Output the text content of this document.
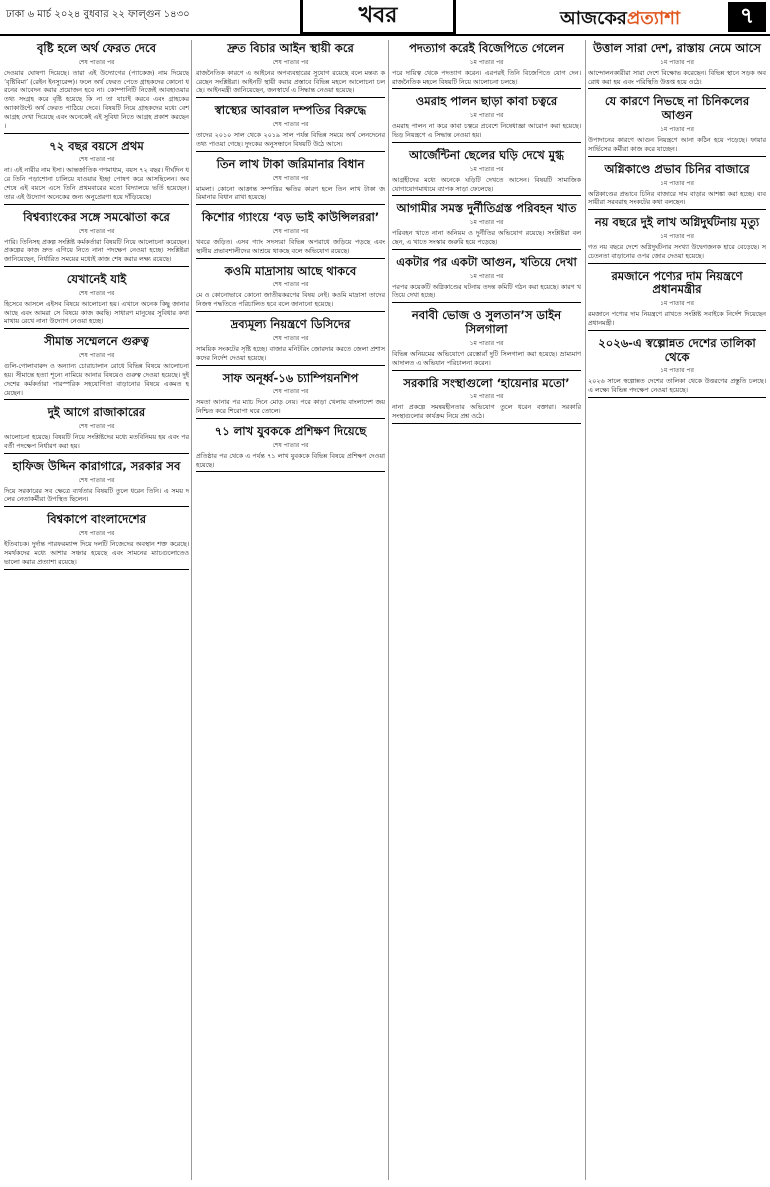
ঢাকা ৬ মার্চ ২০২৪ বুধবার ২২ ফাল্গুন ১৪৩০	খবর	আজকেরপ্রত্যাশা	৭
বৃষ্টি হলে অর্থ ফেরত দেবে
শেষ পাতার পর

দেওয়ার ঘোষণা দিয়েছে। তারা এই উদ্যোগের (প্যাকেজ) নাম দিয়েছে ‘বৃষ্টিবিমা’ (রেইন ইনস্যুরেন্স)। ফলে অর্থ ফেরত পেতে গ্রাহকদের কোনো ধরনের আবেদন করার প্রয়োজন হবে না। কোম্পানিটি নিজেই আবহাওয়ার তথ্য সংগ্রহ করে বৃষ্টি হয়েছে কি না তা যাচাই করবে এবং গ্রাহকের অ্যাকাউন্টে অর্থ ফেরত পাঠিয়ে দেবে। বিষয়টি নিয়ে গ্রাহকদের মধ্যে বেশ আগ্রহ দেখা দিয়েছে এবং অনেকেই এই সুবিধা নিতে আগ্রহ প্রকাশ করছেন।

৭২ বছর বয়সে প্রথম
শেষ পাতার পর

না। এই নারীর নাম ইসা। আন্তর্জাতিক গণমাধ্যম, বয়স ৭২ বছর। দীর্ঘদিন ধরে তিনি পড়াশোনা চালিয়ে যাওয়ার ইচ্ছা পোষণ করে আসছিলেন। অবশেষে এই বয়সে এসে তিনি প্রথমবারের মতো বিদ্যালয়ে ভর্তি হয়েছেন। তার এই উদ্যোগ অনেকের জন্য অনুপ্রেরণা হয়ে দাঁড়িয়েছে।

বিশ্বব্যাংকের সঙ্গে সমঝোতা করে
শেষ পাতার পর

পারি। তিনিসহ প্রকল্প সংশ্লিষ্ট কর্মকর্তারা বিষয়টি নিয়ে আলোচনা করেছেন। প্রকল্পের কাজ দ্রুত এগিয়ে নিতে নানা পদক্ষেপ নেওয়া হচ্ছে। সংশ্লিষ্টরা জানিয়েছেন, নির্ধারিত সময়ের মধ্যেই কাজ শেষ করার লক্ষ্য রয়েছে।

যেখানেই যাই
শেষ পাতার পর

হিসেবে আসলে এইসব বিষয়ে আলোচনা হয়। এখানে অনেক কিছু জানার আছে এবং আমরা সে বিষয়ে কাজ করছি। সাধারণ মানুষের সুবিধার কথা মাথায় রেখে নানা উদ্যোগ নেওয়া হচ্ছে।

সীমান্ত সম্মেলনে গুরুত্ব
শেষ পাতার পর

গুলি-গোলাবারুদ ও অন্যান্য চোরাচালান রোধে বিভিন্ন বিষয়ে আলোচনা হয়। সীমান্তে হত্যা শূন্যে নামিয়ে আনার বিষয়েও গুরুত্ব দেওয়া হয়েছে। দুই দেশের কর্মকর্তারা পারস্পরিক সহযোগিতা বাড়ানোর বিষয়ে একমত হয়েছেন।

দুই আগে রাজাকারের
শেষ পাতার পর

আলোচনা হয়েছে। বিষয়টি নিয়ে সংশ্লিষ্টদের মধ্যে মতবিনিময় হয় এবং পরবর্তী পদক্ষেপ নির্ধারণ করা হয়।

হাফিজ উদ্দিন কারাগারে, সরকার সব
শেষ পাতার পর

দিয়ে সরকারের সব ক্ষেত্রে ব্যর্থতার বিষয়টি তুলে ধরেন তিনি। এ সময় দলের নেতাকর্মীরা উপস্থিত ছিলেন।

বিশ্বকাপে বাংলাদেশের
শেষ পাতার পর

ইতিবাচক। দুর্দান্ত পারফরম্যান্স দিয়ে দলটি নিজেদের অবস্থান শক্ত করেছে। সমর্থকদের মধ্যে আশার সঞ্চার হয়েছে এবং সামনের ম্যাচগুলোতেও ভালো করার প্রত্যাশা রয়েছে।

দ্রুত বিচার আইন স্থায়ী করে
শেষ পাতার পর

রাজনৈতিক কারণে এ আইনের অপব্যবহারের সুযোগ রয়েছে বলে মন্তব্য করেছেন সংশ্লিষ্টরা। আইনটি স্থায়ী করার প্রস্তাবে বিভিন্ন মহলে আলোচনা চলছে। আইনমন্ত্রী জানিয়েছেন, জনস্বার্থে এ সিদ্ধান্ত নেওয়া হয়েছে।

স্বাস্থ্যের আবরাল দম্পতির বিরুদ্ধে
শেষ পাতার পর

তাদের ২০১০ সাল থেকে ২০১৯ সাল পর্যন্ত বিভিন্ন সময়ে অর্থ লেনদেনের তথ্য পাওয়া গেছে। দুদকের অনুসন্ধানে বিষয়টি উঠে আসে।

তিন লাখ টাকা জরিমানার বিধান
শেষ পাতার পর

মামলা। কোনো আক্রান্ত সম্পত্তির ক্ষতির কারণ হলে তিন লাখ টাকা জরিমানার বিধান রাখা হয়েছে।

কিশোর গ্যাংয়ে ‘বড় ভাই কাউন্সিলররা’
শেষ পাতার পর

খবরে জড়িত। এসব গ্যাং সদস্যরা বিভিন্ন অপরাধে জড়িয়ে পড়ছে এবং স্থানীয় প্রভাবশালীদের আশ্রয়ে থাকছে বলে অভিযোগ রয়েছে।

কওমি মাদ্রাসায় আছে থাকবে
শেষ পাতার পর

মে ও কোনোভাবে কোনো জাতীয়করণের বিষয় নেই। কওমি মাদ্রাসা তাদের নিজস্ব পদ্ধতিতে পরিচালিত হবে বলে জানানো হয়েছে।

দ্রব্যমূল্য নিয়ন্ত্রণে ডিসিদের
শেষ পাতার পর

সাময়িক সংকটের সৃষ্টি হচ্ছে। বাজার মনিটরিং জোরদার করতে জেলা প্রশাসকদের নির্দেশ দেওয়া হয়েছে।

সাফ অনূর্ধ্ব-১৬ চ্যাম্পিয়নশিপ
শেষ পাতার পর

সমতা আনার পর ম্যাচ দিনে মোড় নেয়। পরে কাড়া খেলায় বাংলাদেশ জয় নিশ্চিত করে শিরোপা ঘরে তোলে।

৭১ লাখ যুবককে প্রশিক্ষণ দিয়েছে
শেষ পাতার পর

প্রতিষ্ঠার পর থেকে এ পর্যন্ত ৭১ লাখ যুবককে বিভিন্ন বিষয়ে প্রশিক্ষণ দেওয়া হয়েছে।

পদত্যাগ করেই বিজেপিতে গেলেন
১ম পাতার পর

পরে দায়িত্ব থেকে পদত্যাগ করেন। এরপরই তিনি বিজেপিতে যোগ দেন। রাজনৈতিক মহলে বিষয়টি নিয়ে আলোচনা চলছে।

ওমরাহ পালন ছাড়া কাবা চত্বরে
১ম পাতার পর

ওমরাহ পালন না করে কাবা চত্বরে প্রবেশে নিষেধাজ্ঞা আরোপ করা হয়েছে। ভিড় নিয়ন্ত্রণে এ সিদ্ধান্ত নেওয়া হয়।

আর্জেন্টিনা ছেলের ঘড়ি দেখে মুগ্ধ
১ম পাতার পর

আগ্রহীদের মধ্যে অনেকে ঘড়িটি দেখতে আসেন। বিষয়টি সামাজিক যোগাযোগমাধ্যমে ব্যাপক সাড়া ফেলেছে।

আগামীর সমস্ত দুর্নীতিগ্রস্ত পরিবহন খাত
১ম পাতার পর

পরিবহন খাতে নানা অনিয়ম ও দুর্নীতির অভিযোগ রয়েছে। সংশ্লিষ্টরা বলছেন, এ খাতে সংস্কার জরুরি হয়ে পড়েছে।

একটার পর একটা আগুন, খতিয়ে দেখা
১ম পাতার পর

পরপর কয়েকটি অগ্নিকাণ্ডের ঘটনায় তদন্ত কমিটি গঠন করা হয়েছে। কারণ খতিয়ে দেখা হচ্ছে।

নবাবী ভোজ ও সুলতান’স ডাইন সিলগালা
১ম পাতার পর

বিভিন্ন অনিয়মের অভিযোগে রেস্তোরাঁ দুটি সিলগালা করা হয়েছে। ভ্রাম্যমাণ আদালত এ অভিযান পরিচালনা করেন।

সরকারি সংস্থাগুলো ‘হায়েনার মতো’
১ম পাতার পর

নানা প্রকল্পে সমন্বয়হীনতার অভিযোগ তুলে ধরেন বক্তারা। সরকারি সংস্থাগুলোর কার্যক্রম নিয়ে প্রশ্ন ওঠে।

উত্তাল সারা দেশ, রাস্তায় নেমে আসে
১ম পাতার পর

আন্দোলনকারীরা সারা দেশে বিক্ষোভ করেছেন। বিভিন্ন স্থানে সড়ক অবরোধ করা হয় এবং পরিস্থিতি উত্তপ্ত হয়ে ওঠে।

যে কারণে নিভছে না চিনিকলের আগুন
১ম পাতার পর

উপাদানের কারণে আগুন নিয়ন্ত্রণে আনা কঠিন হয়ে পড়েছে। ফায়ার সার্ভিসের কর্মীরা কাজ করে যাচ্ছেন।

অগ্নিকাণ্ডে প্রভাব চিনির বাজারে
১ম পাতার পর

অগ্নিকাণ্ডের প্রভাবে চিনির বাজারে দাম বাড়ার আশঙ্কা করা হচ্ছে। ব্যবসায়ীরা সরবরাহ সংকটের কথা বলছেন।

নয় বছরে দুই লাখ অগ্নিদুর্ঘটনায় মৃত্যু
১ম পাতার পর

গত নয় বছরে দেশে অগ্নিদুর্ঘটনার সংখ্যা উদ্বেগজনক হারে বেড়েছে। সচেতনতা বাড়ানোর ওপর জোর দেওয়া হয়েছে।

রমজানে পণ্যের দাম নিয়ন্ত্রণে প্রধানমন্ত্রীর
১ম পাতার পর

রমজানে পণ্যের দাম নিয়ন্ত্রণে রাখতে সংশ্লিষ্ট সবাইকে নির্দেশ দিয়েছেন প্রধানমন্ত্রী।

২০২৬-এ স্বল্পোন্নত দেশের তালিকা থেকে
১ম পাতার পর

২০২৬ সালে স্বল্পোন্নত দেশের তালিকা থেকে উত্তরণের প্রস্তুতি চলছে। এ লক্ষ্যে বিভিন্ন পদক্ষেপ নেওয়া হয়েছে।
